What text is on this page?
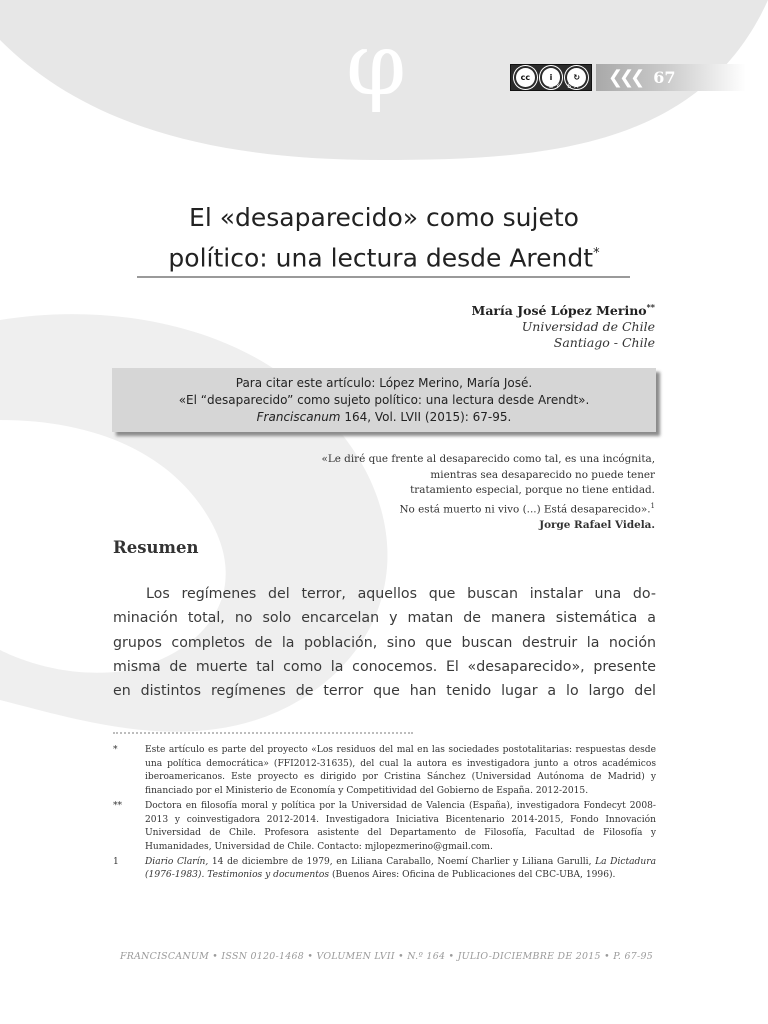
φ	cc	i	↻
BY SA ❮❮❮ 67
El «desaparecido» como sujeto
político: una lectura desde Arendt*
María José López Merino**
Universidad de Chile
Santiago - Chile
Para citar este artículo: López Merino, María José.
«El “desaparecido” como sujeto político: una lectura desde Arendt».
Franciscanum 164, Vol. LVII (2015): 67-95.
«Le diré que frente al desaparecido como tal, es una incógnita,
mientras sea desaparecido no puede tener
tratamiento especial, porque no tiene entidad.
No está muerto ni vivo (...) Está desaparecido».$^1$
Jorge Rafael Videla.
Resumen
Los regímenes del terror, aquellos que buscan instalar una do-
minación total, no solo encarcelan y matan de manera sistemática a
grupos completos de la población, sino que buscan destruir la noción
misma de muerte tal como la conocemos. El «desaparecido», presente
en distintos regímenes de terror que han tenido lugar a lo largo del
*	Este artículo es parte del proyecto «Los residuos del mal en las sociedades postotalitarias: respuestas desde una política democrática» (FFI2012-31635), del cual la autora es investigadora junto a otros académicos iberoamericanos. Este proyecto es dirigido por Cristina Sánchez (Universidad Autónoma de Madrid) y financiado por el Ministerio de Economía y Competitividad del Gobierno de España. 2012-2015.
**	Doctora en filosofía moral y política por la Universidad de Valencia (España), investigadora Fondecyt 2008-2013 y coinvestigadora 2012-2014. Investigadora Iniciativa Bicentenario 2014-2015, Fondo Innovación Universidad de Chile. Profesora asistente del Departamento de Filosofía, Facultad de Filosofía y Humanidades, Universidad de Chile. Contacto: mjlopezmerino@gmail.com.
1	Diario Clarín, 14 de diciembre de 1979, en Liliana Caraballo, Noemí Charlier y Liliana Garulli, La Dictadura (1976-1983). Testimonios y documentos (Buenos Aires: Oficina de Publicaciones del CBC-UBA, 1996).
FRANCISCANUM • ISSN 0120-1468 • VOLUMEN LVII • N.º 164 • JULIO-DICIEMBRE DE 2015 • P. 67-95
